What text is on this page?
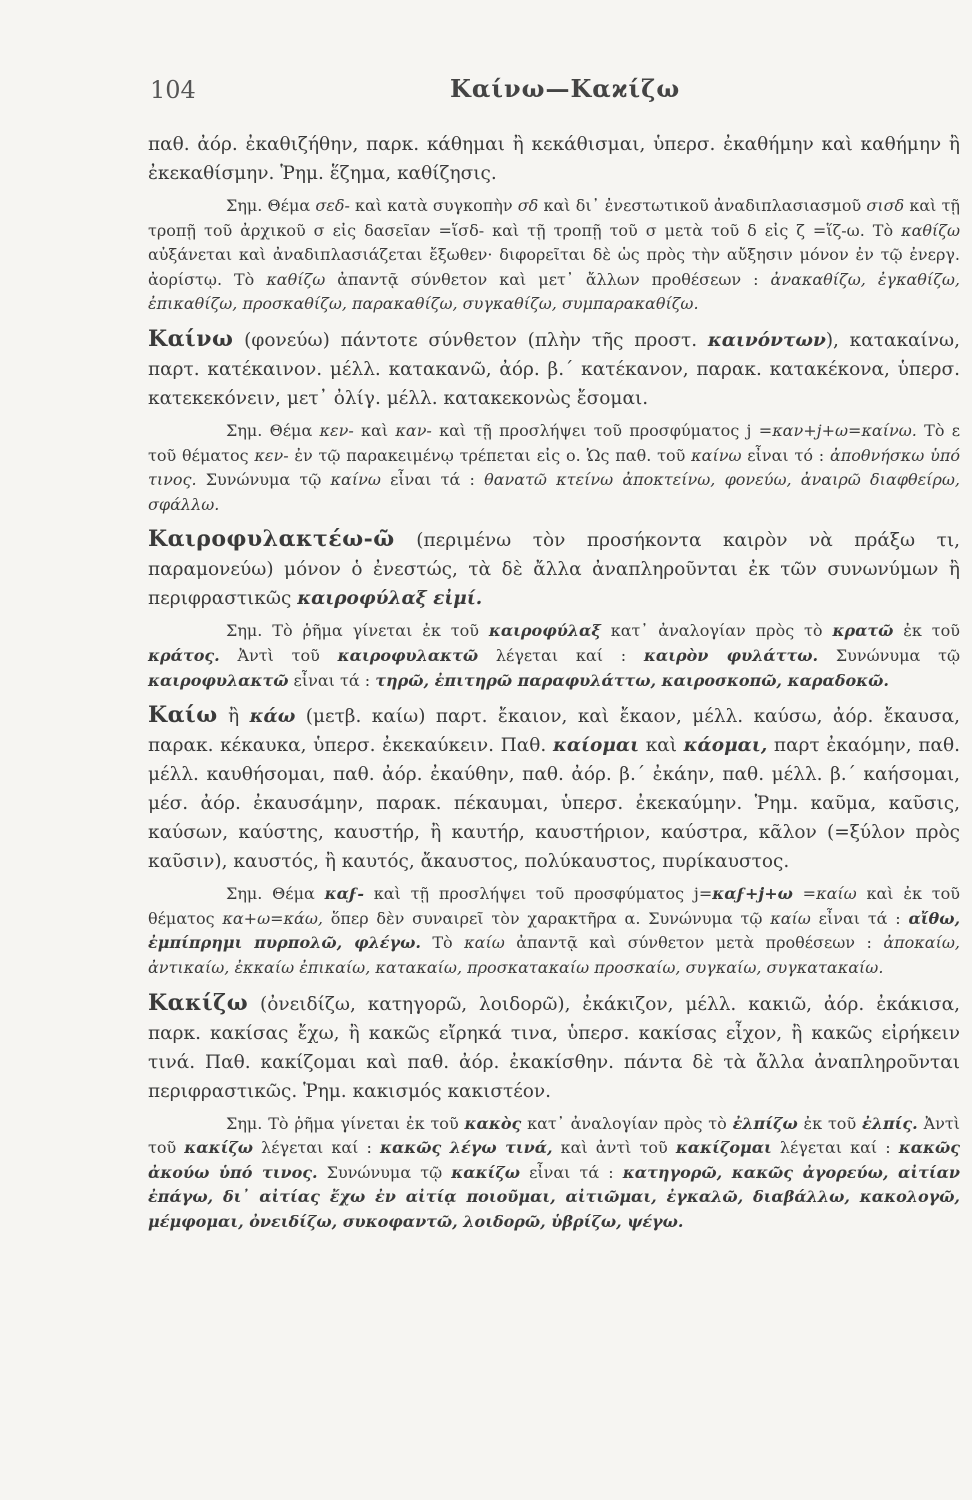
104	Καίνω—Καϰίζω

παθ. ἀόρ. ἐκαθιζήθην, παρκ. κάθημαι ἢ κεκάθισμαι, ὑπερσ. ἐκαθήμην καὶ καθήμην ἢ ἐκεκαθίσμην. Ῥημ. ἕζημα, καθίζησις.

Σημ. Θέμα σεδ- καὶ κατὰ συγκοπὴν σδ καὶ δι᾽ ἐνεστωτικοῦ ἀναδιπλασιασμοῦ σισδ καὶ τῇ τροπῇ τοῦ ἀρχικοῦ σ εἰς δασεῖαν =ἵσδ- καὶ τῇ τροπῇ τοῦ σ μετὰ τοῦ δ εἰς ζ =ἵζ-ω. Τὸ καθίζω αὐξάνεται καὶ ἀναδιπλασιάζεται ἔξωθεν· διφορεῖται δὲ ὡς πρὸς τὴν αὔξησιν μόνον ἐν τῷ ἐνεργ. ἀορίστῳ. Τὸ καθίζω ἀπαντᾷ σύνθετον καὶ μετ᾽ ἄλλων προθέσεων : ἀνακαθίζω, ἐγκαθίζω, ἐπικαθίζω, προσκαθίζω, παρακαθίζω, συγκαθίζω, συμπαρακαθίζω.

Καίνω (φονεύω) πάντοτε σύνθετον (πλὴν τῆς προστ. καινόντων), κατακαίνω, παρτ. κατέκαινον. μέλλ. κατακανῶ, ἀόρ. β.΄ κατέκανον, παρακ. κατακέκονα, ὑπερσ. κατεκεκόνειν, μετ᾽ ὀλίγ. μέλλ. κατακεκονὼς ἔσομαι.

Σημ. Θέμα κεν- καὶ καν- καὶ τῇ προσλήψει τοῦ προσφύματος j =καν+j+ω=καίνω. Τὸ ε τοῦ θέματος κεν- ἐν τῷ παρακειμένῳ τρέπεται εἰς ο. Ὡς παθ. τοῦ καίνω εἶναι τό : ἀποθνήσκω ὑπό τινος. Συνώνυμα τῷ καίνω εἶναι τά : θανατῶ κτείνω ἀποκτείνω, φονεύω, ἀναιρῶ διαφθείρω, σφάλλω.

Καιροφυλακτέω-ῶ (περιμένω τὸν προσήκοντα καιρὸν νὰ πράξω τι, παραμονεύω) μόνον ὁ ἐνεστώς, τὰ δὲ ἄλλα ἀναπληροῦνται ἐκ τῶν συνωνύμων ἢ περιφραστικῶς καιροφύλαξ εἰμί.

Σημ. Τὸ ῥῆμα γίνεται ἐκ τοῦ καιροφύλαξ κατ᾽ ἀναλογίαν πρὸς τὸ κρατῶ ἐκ τοῦ κράτος. Ἀντὶ τοῦ καιροφυλακτῶ λέγεται καί : καιρὸν φυλάττω. Συνώνυμα τῷ καιροφυλακτῶ εἶναι τά : τηρῶ, ἐπιτηρῶ παραφυλάττω, καιροσκοπῶ, καραδοκῶ.

Καίω ἢ κάω (μετβ. καίω) παρτ. ἔκαιον, καὶ ἔκαον, μέλλ. καύσω, ἀόρ. ἔκαυσα, παρακ. κέκαυκα, ὑπερσ. ἐκεκαύκειν. Παθ. καίομαι καὶ κάομαι, παρτ ἐκαόμην, παθ. μέλλ. καυθήσομαι, παθ. ἀόρ. ἐκαύθην, παθ. ἀόρ. β.΄ ἐκάην, παθ. μέλλ. β.΄ καήσομαι, μέσ. ἀόρ. ἐκαυσάμην, παρακ. πέκαυμαι, ὑπερσ. ἐκεκαύμην. Ῥημ. καῦμα, καῦσις, καύσων, καύστης, καυστήρ, ἢ καυτήρ, καυστήριον, καύστρα, κᾶλον (=ξύλον πρὸς καῦσιν), καυστός, ἢ καυτός, ἄκαυστος, πολύκαυστος, πυρίκαυστος.

Σημ. Θέμα καϝ- καὶ τῇ προσλήψει τοῦ προσφύματος j=καϝ+j+ω =καίω καὶ ἐκ τοῦ θέματος κα+ω=κάω, ὅπερ δὲν συναιρεῖ τὸν χαρακτῆρα α. Συνώνυμα τῷ καίω εἶναι τά : αἴθω, ἐμπίπρημι πυρπολῶ, φλέγω. Τὸ καίω ἀπαντᾷ καὶ σύνθετον μετὰ προθέσεων : ἀποκαίω, ἀντικαίω, ἐκκαίω ἐπικαίω, κατακαίω, προσκατακαίω προσκαίω, συγκαίω, συγκατακαίω.

Κακίζω (ὀνειδίζω, κατηγορῶ, λοιδορῶ), ἐκάκιζον, μέλλ. κακιῶ, ἀόρ. ἐκάκισα, παρκ. κακίσας ἔχω, ἢ κακῶς εἴρηκά τινα, ὑπερσ. κακίσας εἶχον, ἢ κακῶς εἰρήκειν τινά. Παθ. κακίζομαι καὶ παθ. ἀόρ. ἐκακίσθην. πάντα δὲ τὰ ἄλλα ἀναπληροῦνται περιφραστικῶς. Ῥημ. κακισμός κακιστέον.

Σημ. Τὸ ῥῆμα γίνεται ἐκ τοῦ κακὸς κατ᾽ ἀναλογίαν πρὸς τὸ ἐλπίζω ἐκ τοῦ ἐλπίς. Ἀντὶ τοῦ κακίζω λέγεται καί : κακῶς λέγω τινά, καὶ ἀντὶ τοῦ κακίζομαι λέγεται καί : κακῶς ἀκούω ὑπό τινος. Συνώνυμα τῷ κακίζω εἶναι τά : κατηγορῶ, κακῶς ἀγορεύω, αἰτίαν ἐπάγω, δι᾽ αἰτίας ἔχω ἐν αἰτίᾳ ποιοῦμαι, αἰτιῶμαι, ἐγκαλῶ, διαβάλλω, κακολογῶ, μέμφομαι, ὀνειδίζω, συκοφαντῶ, λοιδορῶ, ὑβρίζω, ψέγω.
